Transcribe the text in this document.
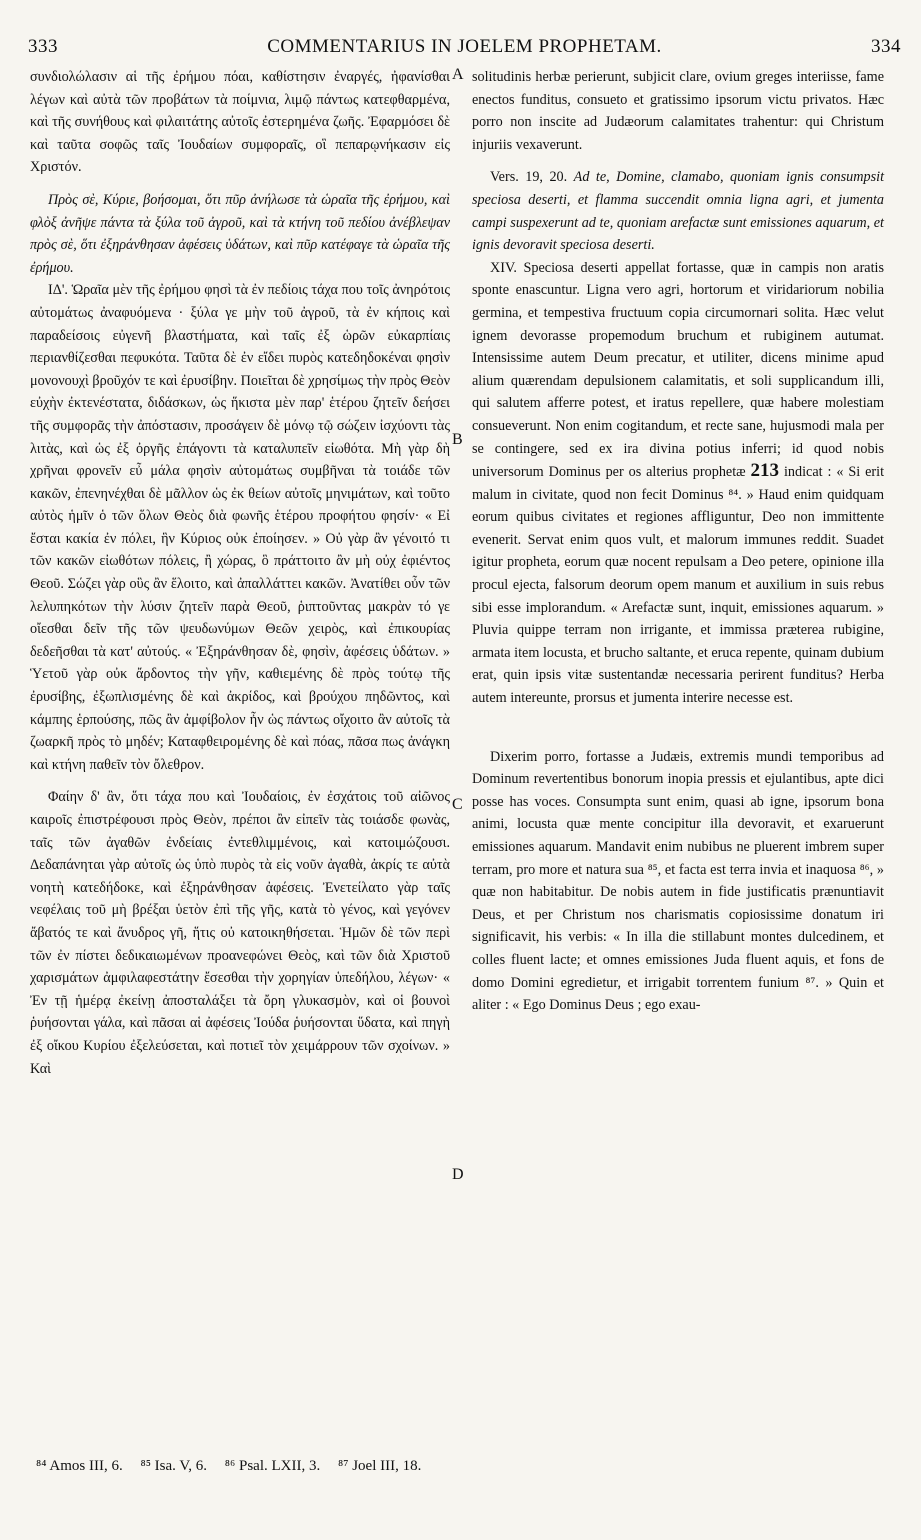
333	COMMENTARIUS IN JOELEM PROPHETAM.	334

συνδιολώλασιν αἱ τῆς ἐρήμου πόαι, καθίστησιν ἐναργές, ἠφανίσθαι λέγων καὶ αὐτὰ τῶν προβάτων τὰ ποίμνια, λιμῷ πάντως κατεφθαρμένα, καὶ τῆς συνήθους καὶ φιλαιτάτης αὐτοῖς ἐστερημένα ζωῆς. Ἐφαρμόσει δὲ καὶ ταῦτα σοφῶς ταῖς Ἰουδαίων συμφοραῖς, οἳ πεπαρῳνήκασιν εἰς Χριστόν.

Πρὸς σὲ, Κύριε, βοήσομαι, ὅτι πῦρ ἀνήλωσε τὰ ὡραῖα τῆς ἐρήμου, καὶ φλὸξ ἀνῆψε πάντα τὰ ξύλα τοῦ ἀγροῦ, καὶ τὰ κτήνη τοῦ πεδίου ἀνέβλεψαν πρὸς σὲ, ὅτι ἐξηράνθησαν ἀφέσεις ὑδάτων, καὶ πῦρ κατέφαγε τὰ ὡραῖα τῆς ἐρήμου.

ΙΔ'. Ὡραῖα μὲν τῆς ἐρήμου φησὶ τὰ ἐν πεδίοις τάχα που τοῖς ἀνηρότοις αὐτομάτως ἀναφυόμενα · ξύλα γε μὴν τοῦ ἀγροῦ, τὰ ἐν κήποις καὶ παραδείσοις εὐγενῆ βλαστήματα, καὶ ταῖς ἐξ ὡρῶν εὐκαρπίαις περιανθίζεσθαι πεφυκότα. Ταῦτα δὲ ἐν εἴδει πυρὸς κατεδηδοκέναι φησὶν μονονουχὶ βροῦχόν τε καὶ ἐρυσίβην. Ποιεῖται δὲ χρησίμως τὴν πρὸς Θεὸν εὐχὴν ἐκτενέστατα, διδάσκων, ὡς ἥκιστα μὲν παρ' ἑτέρου ζητεῖν δεήσει τῆς συμφορᾶς τὴν ἀπόστασιν, προσάγειν δὲ μόνῳ τῷ σώζειν ἰσχύοντι τὰς λιτὰς, καὶ ὡς ἐξ ὀργῆς ἐπάγοντι τὰ καταλυπεῖν εἰωθότα. Μὴ γὰρ δὴ χρῆναι φρονεῖν εὖ μάλα φησὶν αὐτομάτως συμβῆναι τὰ τοιάδε τῶν κακῶν, ἐπενηνέχθαι δὲ μᾶλλον ὡς ἐκ θείων αὐτοῖς μηνιμάτων, καὶ τοῦτο αὐτὸς ἡμῖν ὁ τῶν ὅλων Θεὸς διὰ φωνῆς ἑτέρου προφήτου φησίν· « Εἰ ἔσται κακία ἐν πόλει, ἣν Κύριος οὐκ ἐποίησεν. » Οὐ γὰρ ἂν γένοιτό τι τῶν κακῶν εἰωθότων πόλεις, ἢ χώρας, ὃ πράττοιτο ἂν μὴ οὐχ ἐφιέντος Θεοῦ. Σώζει γὰρ οὓς ἂν ἕλοιτο, καὶ ἀπαλλάττει κακῶν. Ἀνατίθει οὖν τῶν λελυπηκότων τὴν λύσιν ζητεῖν παρὰ Θεοῦ, ῥιπτοῦντας μακρὰν τό γε οἴεσθαι δεῖν τῆς τῶν ψευδωνύμων Θεῶν χειρὸς, καὶ ἐπικουρίας δεδεῆσθαι τὰ κατ' αὐτούς. « Ἐξηράνθησαν δὲ, φησὶν, ἀφέσεις ὑδάτων. » Ὑετοῦ γὰρ οὐκ ἄρδοντος τὴν γῆν, καθιεμένης δὲ πρὸς τούτῳ τῆς ἐρυσίβης, ἐξωπλισμένης δὲ καὶ ἀκρίδος, καὶ βρούχου πηδῶντος, καὶ κάμπης ἑρπούσης, πῶς ἂν ἀμφίβολον ἦν ὡς πάντως οἴχοιτο ἂν αὐτοῖς τὰ ζωαρκῆ πρὸς τὸ μηδέν; Καταφθειρομένης δὲ καὶ πόας, πᾶσα πως ἀνάγκη καὶ κτήνη παθεῖν τὸν ὄλεθρον.

Φαίην δ' ἂν, ὅτι τάχα που καὶ Ἰουδαίοις, ἐν ἐσχάτοις τοῦ αἰῶνος καιροῖς ἐπιστρέφουσι πρὸς Θεὸν, πρέποι ἂν εἰπεῖν τὰς τοιάσδε φωνὰς, ταῖς τῶν ἀγαθῶν ἐνδείαις ἐντεθλιμμένοις, καὶ κατοιμώζουσι. Δεδαπάνηται γὰρ αὐτοῖς ὡς ὑπὸ πυρὸς τὰ εἰς νοῦν ἀγαθὰ, ἀκρίς τε αὐτὰ νοητὴ κατεδήδοκε, καὶ ἐξηράνθησαν ἀφέσεις. Ἐνετείλατο γὰρ ταῖς νεφέλαις τοῦ μὴ βρέξαι ὑετὸν ἐπὶ τῆς γῆς, κατὰ τὸ γένος, καὶ γεγόνεν ἄβατός τε καὶ ἄνυδρος γῆ, ἥτις οὐ κατοικηθήσεται. Ἡμῶν δὲ τῶν περὶ τῶν ἐν πίστει δεδικαιωμένων προανεφώνει Θεὸς, καὶ τῶν διὰ Χριστοῦ χαρισμάτων ἀμφιλαφεστάτην ἔσεσθαι τὴν χορηγίαν ὑπεδήλου, λέγων· « Ἐν τῇ ἡμέρᾳ ἐκείνῃ ἀποσταλάξει τὰ ὄρη γλυκασμὸν, καὶ οἱ βουνοὶ ῥυήσονται γάλα, καὶ πᾶσαι αἱ ἀφέσεις Ἰούδα ῥυήσονται ὕδατα, καὶ πηγὴ ἐξ οἴκου Κυρίου ἐξελεύσεται, καὶ ποτιεῖ τὸν χειμάρρουν τῶν σχοίνων. » Καὶ

A
B
C
D

solitudinis herbæ perierunt, subjicit clare, ovium greges interiisse, fame enectos funditus, consueto et gratissimo ipsorum victu privatos. Hæc porro non inscite ad Judæorum calamitates trahentur: qui Christum injuriis vexaverunt.

Vers. 19, 20. Ad te, Domine, clamabo, quoniam ignis consumpsit speciosa deserti, et flamma succendit omnia ligna agri, et jumenta campi suspexerunt ad te, quoniam arefactæ sunt emissiones aquarum, et ignis devoravit speciosa deserti.

XIV. Speciosa deserti appellat fortasse, quæ in campis non aratis sponte enascuntur. Ligna vero agri, hortorum et viridariorum nobilia germina, et tempestiva fructuum copia circumornari solita. Hæc velut ignem devorasse propemodum bruchum et rubiginem autumat. Intensissime autem Deum precatur, et utiliter, dicens minime apud alium quærendam depulsionem calamitatis, et soli supplicandum illi, qui salutem afferre potest, et iratus repellere, quæ habere molestiam consueverunt. Non enim cogitandum, et recte sane, hujusmodi mala per se contingere, sed ex ira divina potius inferri; id quod nobis universorum Dominus per os alterius prophetæ 213 indicat : « Si erit malum in civitate, quod non fecit Dominus ⁸⁴. » Haud enim quidquam eorum quibus civitates et regiones affliguntur, Deo non immittente evenerit. Servat enim quos vult, et malorum immunes reddit. Suadet igitur propheta, eorum quæ nocent repulsam a Deo petere, opinione illa procul ejecta, falsorum deorum opem manum et auxilium in suis rebus sibi esse implorandum. « Arefactæ sunt, inquit, emissiones aquarum. » Pluvia quippe terram non irrigante, et immissa præterea rubigine, armata item locusta, et brucho saltante, et eruca repente, quinam dubium erat, quin ipsis vitæ sustentandæ necessaria perirent funditus? Herba autem intereunte, prorsus et jumenta interire necesse est.

Dixerim porro, fortasse a Judæis, extremis mundi temporibus ad Dominum revertentibus bonorum inopia pressis et ejulantibus, apte dici posse has voces. Consumpta sunt enim, quasi ab igne, ipsorum bona animi, locusta quæ mente concipitur illa devoravit, et exaruerunt emissiones aquarum. Mandavit enim nubibus ne pluerent imbrem super terram, pro more et natura sua ⁸⁵, et facta est terra invia et inaquosa ⁸⁶, » quæ non habitabitur. De nobis autem in fide justificatis prænuntiavit Deus, et per Christum nos charismatis copiosissime donatum iri significavit, his verbis: « In illa die stillabunt montes dulcedinem, et colles fluent lacte; et omnes emissiones Juda fluent aquis, et fons de domo Domini egredietur, et irrigabit torrentem funium ⁸⁷. » Quin et aliter : « Ego Dominus Deus ; ego exau-

⁸⁴ Amos III, 6. ⁸⁵ Isa. V, 6. ⁸⁶ Psal. LXII, 3. ⁸⁷ Joel III, 18.
